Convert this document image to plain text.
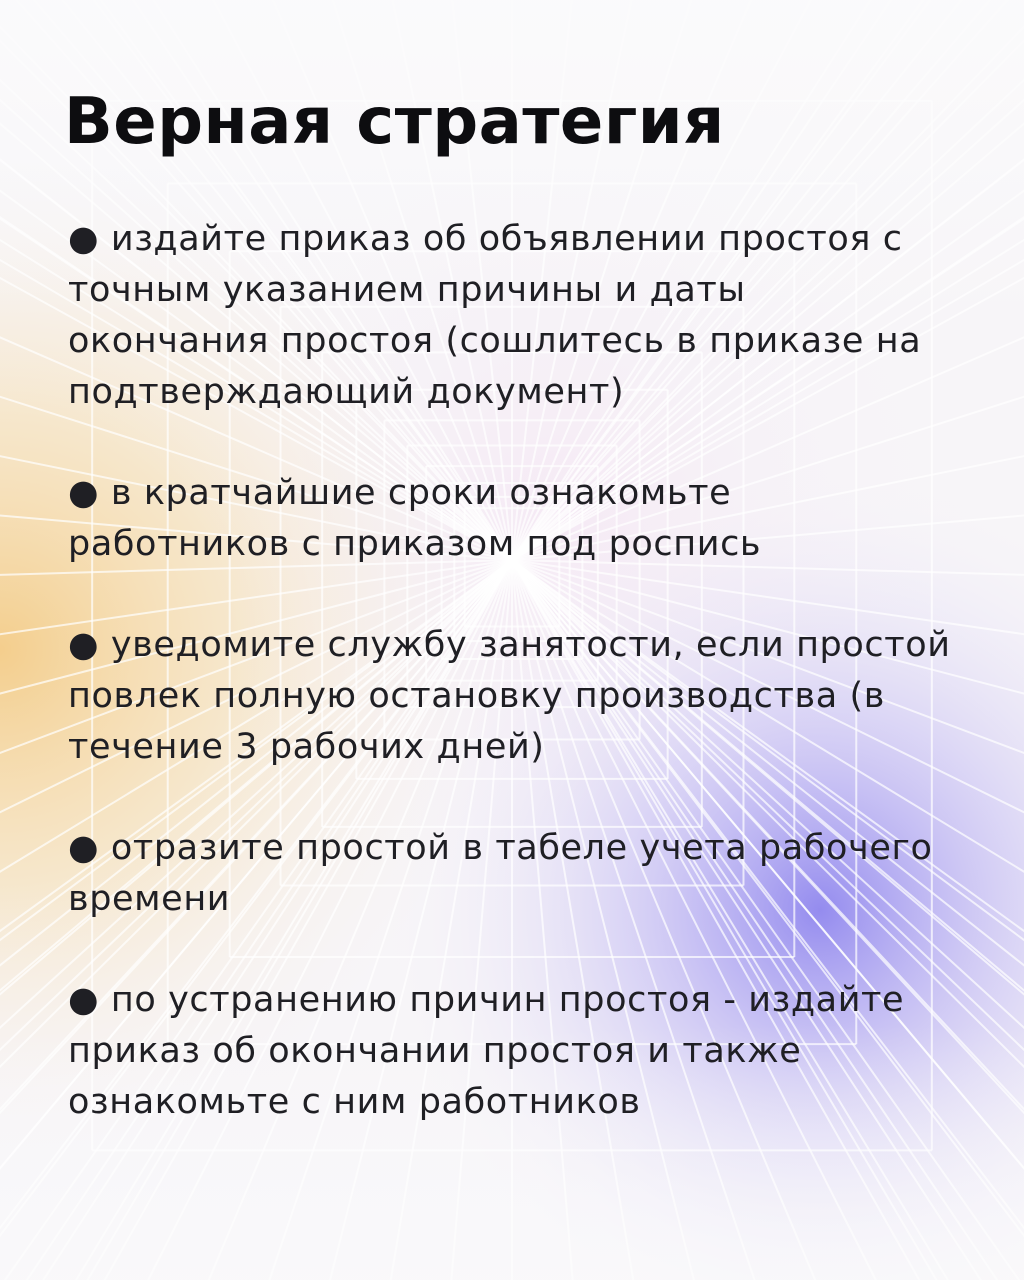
Верная стратегия
● издайте приказ об объявлении простоя с
точным указанием причины и даты
окончания простоя (сошлитесь в приказе на
подтверждающий документ)
● в кратчайшие сроки ознакомьте
работников с приказом под роспись
● уведомите службу занятости, если простой
повлек полную остановку производства (в
течение 3 рабочих дней)
● отразите простой в табеле учета рабочего
времени
● по устранению причин простоя - издайте
приказ об окончании простоя и также
ознакомьте с ним работников
